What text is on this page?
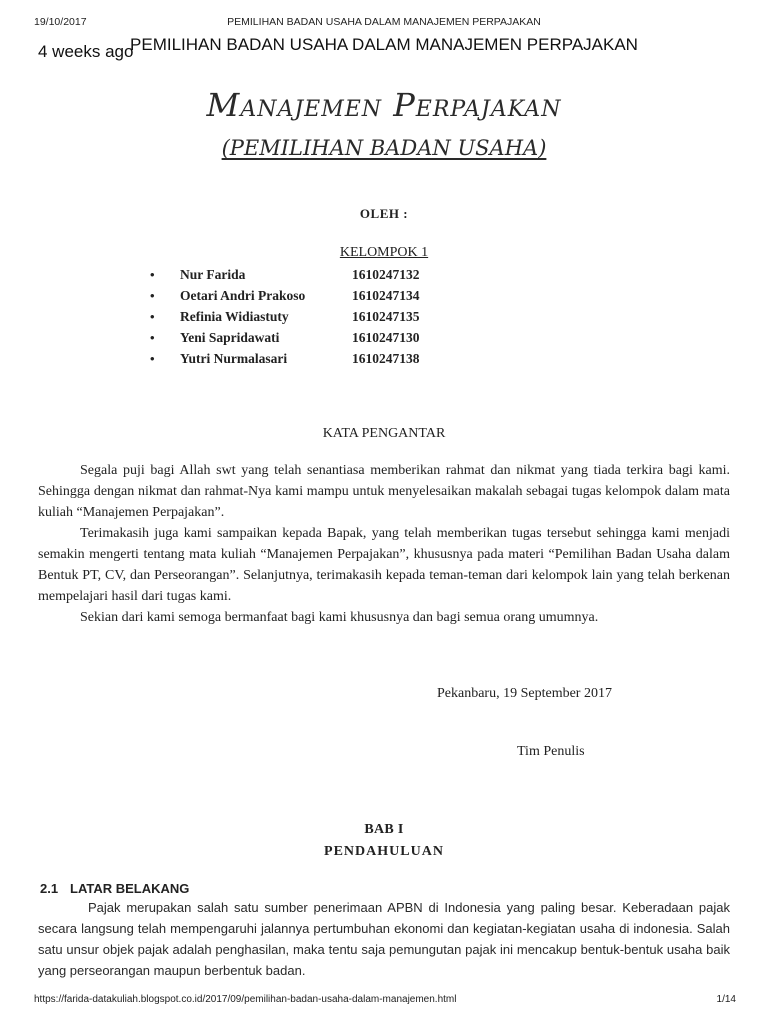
19/10/2017	PEMILIHAN BADAN USAHA DALAM MANAJEMEN PERPAJAKAN
4 weeks ago
PEMILIHAN BADAN USAHA DALAM MANAJEMEN PERPAJAKAN
Manajemen Perpajakan
(PEMILIHAN BADAN USAHA)
OLEH :
KELOMPOK 1
•	Nur Farida	1610247132
•	Oetari Andri Prakoso	1610247134
•	Refinia Widiastuty	1610247135
•	Yeni Sapridawati	1610247130
•	Yutri Nurmalasari	1610247138
KATA PENGANTAR

Segala puji bagi Allah swt yang telah senantiasa memberikan rahmat dan nikmat yang tiada terkira bagi kami. Sehingga dengan nikmat dan rahmat-Nya kami mampu untuk menyelesaikan makalah sebagai tugas kelompok dalam mata kuliah “Manajemen Perpajakan”.

Terimakasih juga kami sampaikan kepada Bapak, yang telah memberikan tugas tersebut sehingga kami menjadi semakin mengerti tentang mata kuliah “Manajemen Perpajakan”, khususnya pada materi “Pemilihan Badan Usaha dalam Bentuk PT, CV, dan Perseorangan”. Selanjutnya, terimakasih kepada teman-teman dari kelompok lain yang telah berkenan mempelajari hasil dari tugas kami.

Sekian dari kami semoga bermanfaat bagi kami khususnya dan bagi semua orang umumnya.

Pekanbaru, 19 September 2017
Tim Penulis
BAB I
PENDAHULUAN
2.1 LATAR BELAKANG

Pajak merupakan salah satu sumber penerimaan APBN di Indonesia yang paling besar. Keberadaan pajak secara langsung telah mempengaruhi jalannya pertumbuhan ekonomi dan kegiatan-kegiatan usaha di indonesia. Salah satu unsur objek pajak adalah penghasilan, maka tentu saja pemungutan pajak ini mencakup bentuk-bentuk usaha baik yang perseorangan maupun berbentuk badan.

https://farida-datakuliah.blogspot.co.id/2017/09/pemilihan-badan-usaha-dalam-manajemen.html	1/14
